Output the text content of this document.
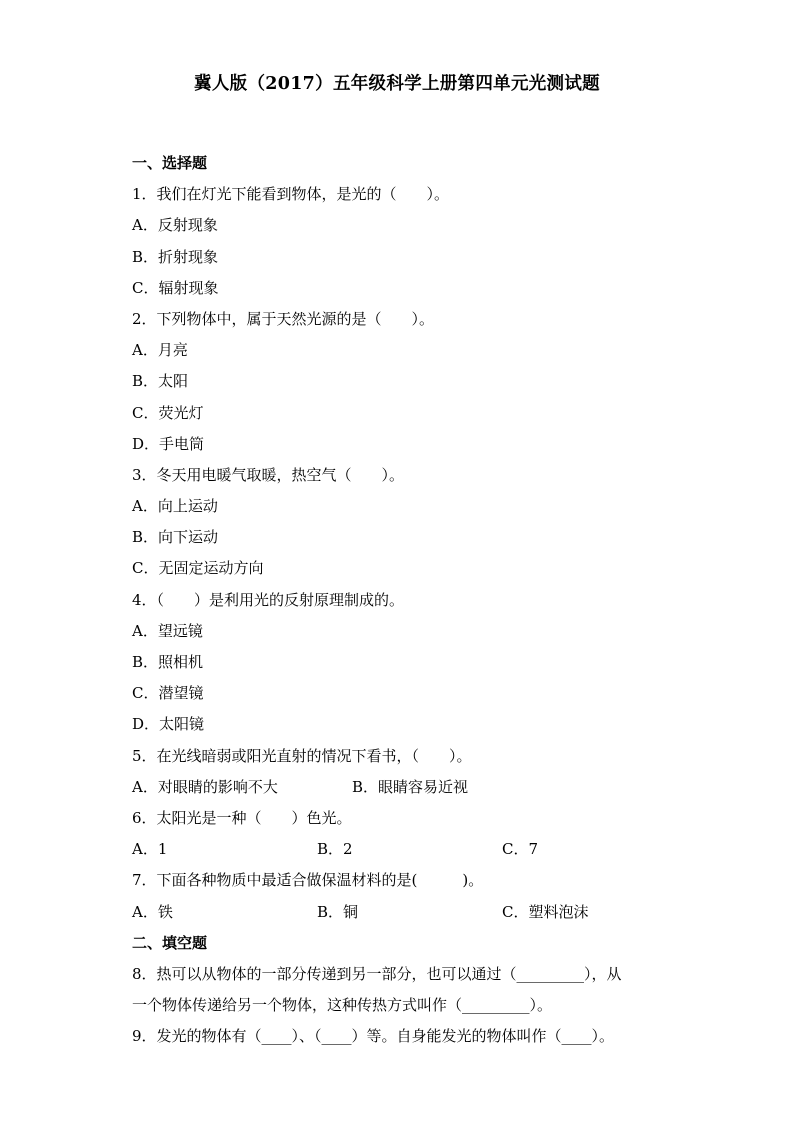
冀人版（2017）五年级科学上册第四单元光测试题
一、选择题
1．我们在灯光下能看到物体，是光的（　　）。
A．反射现象
B．折射现象
C．辐射现象
2．下列物体中，属于天然光源的是（　　）。
A．月亮
B．太阳
C．荧光灯
D．手电筒
3．冬天用电暖气取暖，热空气（　　）。
A．向上运动
B．向下运动
C．无固定运动方向
4．（　　）是利用光的反射原理制成的。
A．望远镜
B．照相机
C．潜望镜
D．太阳镜
5．在光线暗弱或阳光直射的情况下看书，（　　）。
A．对眼睛的影响不大	B．眼睛容易近视
6．太阳光是一种（　　）色光。
A．1	B．2	C．7
7．下面各种物质中最适合做保温材料的是(　　　)。
A．铁	B．铜	C．塑料泡沫
二、填空题
8．热可以从物体的一部分传递到另一部分，也可以通过（_________），从
一个物体传递给另一个物体，这种传热方式叫作（_________）。
9．发光的物体有（____）、（____）等。自身能发光的物体叫作（____）。
